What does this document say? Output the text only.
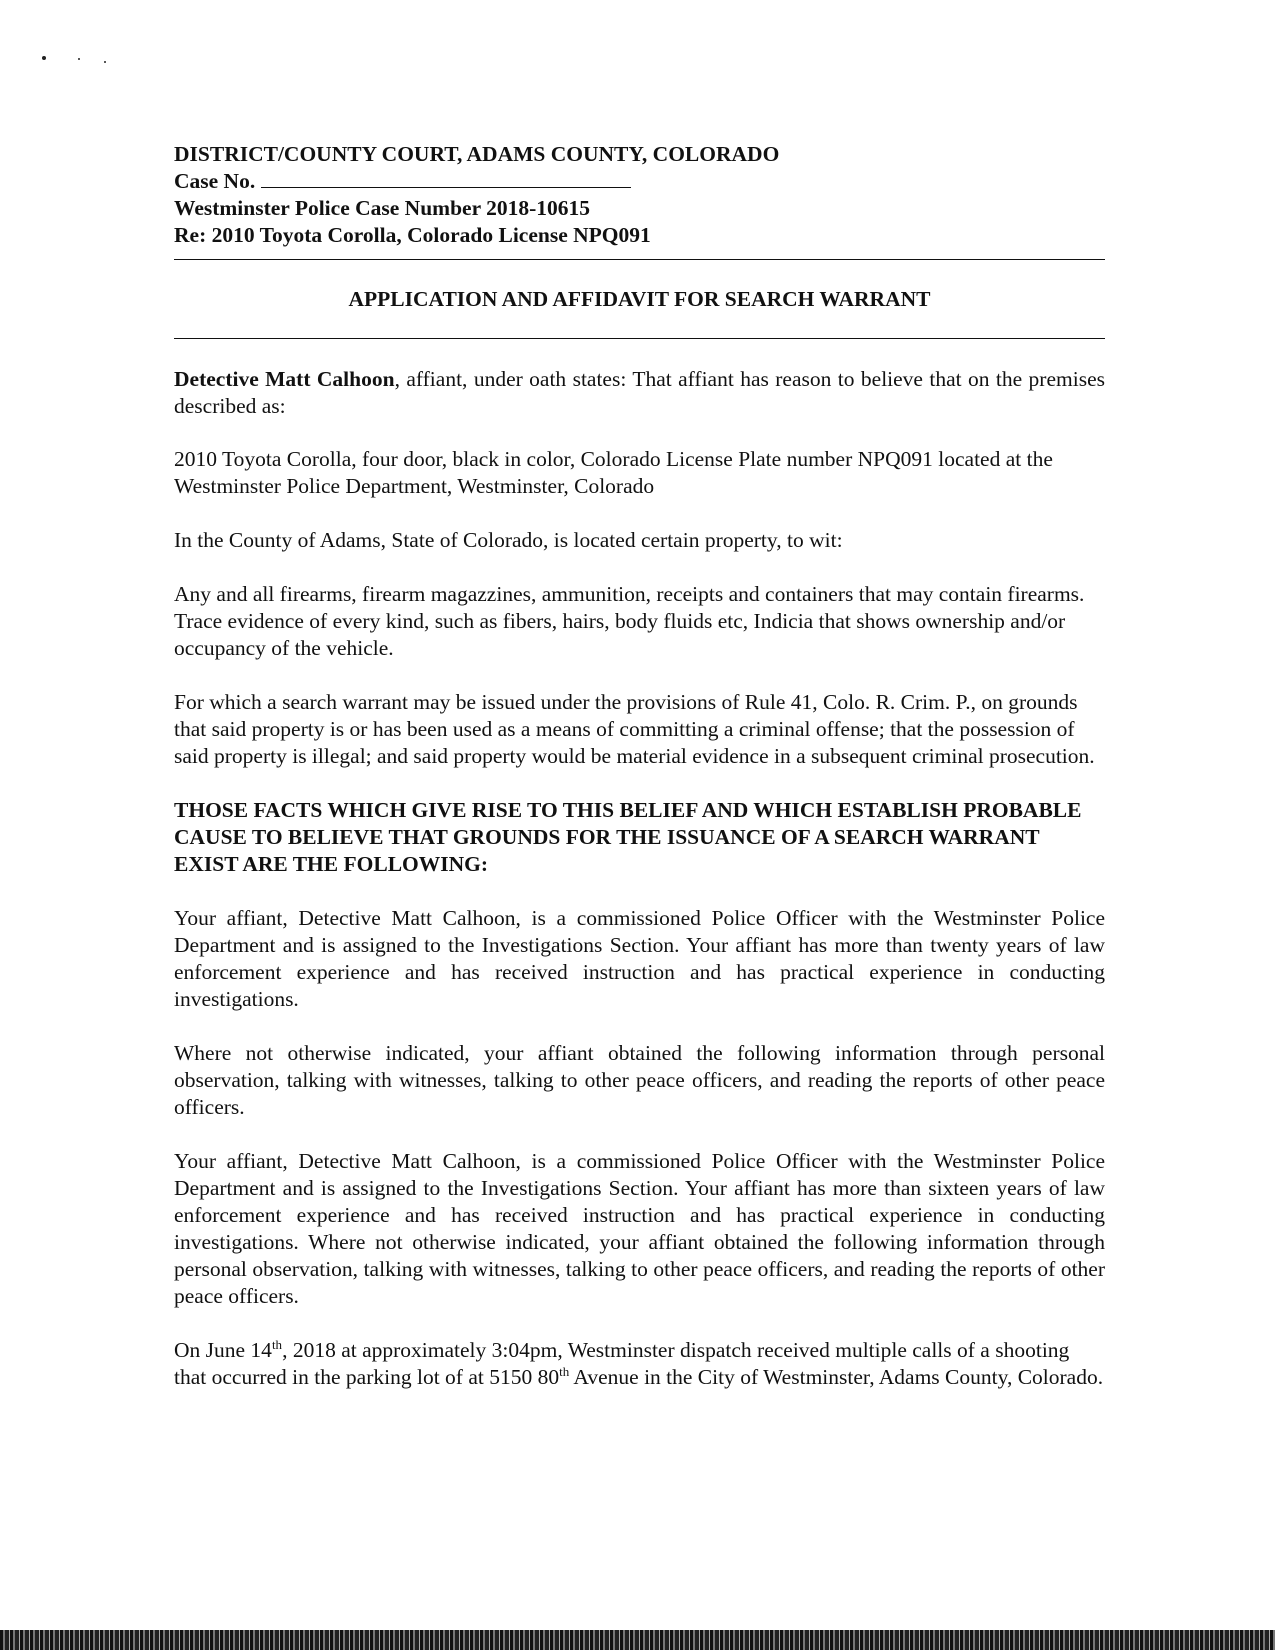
DISTRICT/COUNTY COURT, ADAMS COUNTY, COLORADO
Case No.
Westminster Police Case Number 2018-10615
Re: 2010 Toyota Corolla, Colorado License NPQ091

APPLICATION AND AFFIDAVIT FOR SEARCH WARRANT

Detective Matt Calhoon, affiant, under oath states: That affiant has reason to believe that on the premises described as:

2010 Toyota Corolla, four door, black in color, Colorado License Plate number NPQ091 located at the Westminster Police Department, Westminster, Colorado

In the County of Adams, State of Colorado, is located certain property, to wit:

Any and all firearms, firearm magazzines, ammunition, receipts and containers that may contain firearms. Trace evidence of every kind, such as fibers, hairs, body fluids etc, Indicia that shows ownership and/or occupancy of the vehicle.

For which a search warrant may be issued under the provisions of Rule 41, Colo. R. Crim. P., on grounds that said property is or has been used as a means of committing a criminal offense; that the possession of said property is illegal; and said property would be material evidence in a subsequent criminal prosecution.

THOSE FACTS WHICH GIVE RISE TO THIS BELIEF AND WHICH ESTABLISH PROBABLE CAUSE TO BELIEVE THAT GROUNDS FOR THE ISSUANCE OF A SEARCH WARRANT EXIST ARE THE FOLLOWING:

Your affiant, Detective Matt Calhoon, is a commissioned Police Officer with the Westminster Police Department and is assigned to the Investigations Section. Your affiant has more than twenty years of law enforcement experience and has received instruction and has practical experience in conducting investigations.

Where not otherwise indicated, your affiant obtained the following information through personal observation, talking with witnesses, talking to other peace officers, and reading the reports of other peace officers.

Your affiant, Detective Matt Calhoon, is a commissioned Police Officer with the Westminster Police Department and is assigned to the Investigations Section. Your affiant has more than sixteen years of law enforcement experience and has received instruction and has practical experience in conducting investigations. Where not otherwise indicated, your affiant obtained the following information through personal observation, talking with witnesses, talking to other peace officers, and reading the reports of other peace officers.

On June 14th, 2018 at approximately 3:04pm, Westminster dispatch received multiple calls of a shooting that occurred in the parking lot of at 5150 80th Avenue in the City of Westminster, Adams County, Colorado.
